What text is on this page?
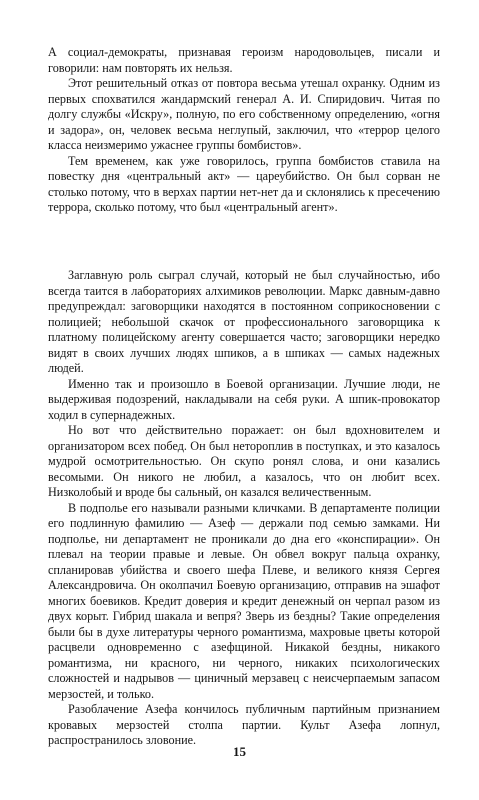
А социал-демократы, признавая героизм народовольцев, писали и говорили: нам повторять их нельзя.

Этот решительный отказ от повтора весьма утешал охранку. Одним из первых спохватился жандармский генерал А. И. Спиридович. Читая по долгу службы «Искру», полную, по его собственному определению, «огня и задора», он, человек весьма неглупый, заключил, что «террор целого класса неизмеримо ужаснее группы бомбистов».

Тем временем, как уже говорилось, группа бомбистов ставила на повестку дня «центральный акт» — цареубийство. Он был сорван не столько потому, что в верхах партии нет-нет да и склонялись к пресечению террора, сколько потому, что был «центральный агент».

Заглавную роль сыграл случай, который не был случайностью, ибо всегда таится в лабораториях алхимиков революции. Маркс давным-давно предупреждал: заговорщики находятся в постоянном соприкосновении с полицией; небольшой скачок от профессионального заговорщика к платному полицейскому агенту совершается часто; заговорщики нередко видят в своих лучших людях шпиков, а в шпиках — самых надежных людей.

Именно так и произошло в Боевой организации. Лучшие люди, не выдерживая подозрений, накладывали на себя руки. А шпик-провокатор ходил в супернадежных.

Но вот что действительно поражает: он был вдохновителем и организатором всех побед. Он был нетороплив в поступках, и это казалось мудрой осмотрительностью. Он скупо ронял слова, и они казались весомыми. Он никого не любил, а казалось, что он любит всех. Низколобый и вроде бы сальный, он казался величественным.

В подполье его называли разными кличками. В департаменте полиции его подлинную фамилию — Азеф — держали под семью замками. Ни подполье, ни департамент не проникали до дна его «конспирации». Он плевал на теории правые и левые. Он обвел вокруг пальца охранку, спланировав убийства и своего шефа Плеве, и великого князя Сергея Александровича. Он околпачил Боевую организацию, отправив на эшафот многих боевиков. Кредит доверия и кредит денежный он черпал разом из двух корыт. Гибрид шакала и вепря? Зверь из бездны? Такие определения были бы в духе литературы черного романтизма, махровые цветы которой расцвели одновременно с азефщиной. Никакой бездны, никакого романтизма, ни красного, ни черного, никаких психологических сложностей и надрывов — циничный мерзавец с неисчерпаемым запасом мерзостей, и только.

Разоблачение Азефа кончилось публичным партийным признанием кровавых мерзостей столпа партии. Культ Азефа лопнул, распространилось зловоние.

15
